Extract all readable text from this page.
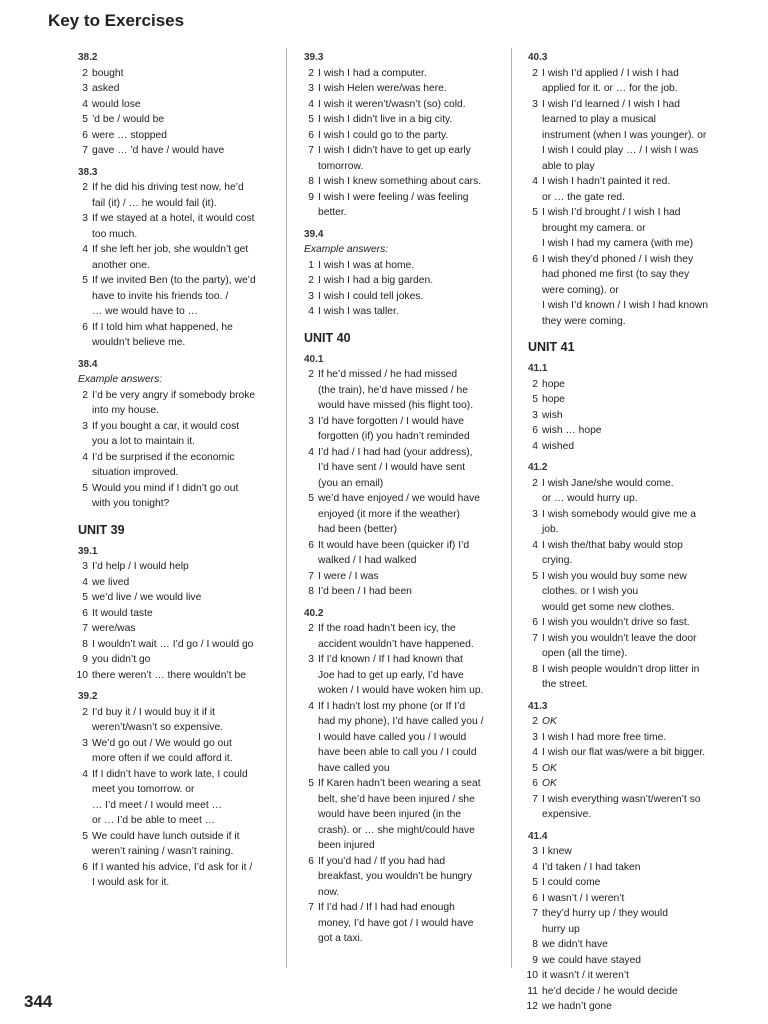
Key to Exercises
38.2
2 bought
3 asked
4 would lose
5 ’d be / would be
6 were … stopped
7 gave … ’d have / would have
38.3
2 If he did his driving test now, he’d
fail (it) / … he would fail (it).
3 If we stayed at a hotel, it would cost
too much.
4 If she left her job, she wouldn’t get
another one.
5 If we invited Ben (to the party), we’d
have to invite his friends too. /
… we would have to …
6 If I told him what happened, he
wouldn’t believe me.
38.4
Example answers:
2 I’d be very angry if somebody broke
into my house.
3 If you bought a car, it would cost
you a lot to maintain it.
4 I’d be surprised if the economic
situation improved.
5 Would you mind if I didn’t go out
with you tonight?
UNIT 39
39.1
3 I’d help / I would help
4 we lived
5 we’d live / we would live
6 It would taste
7 were/was
8 I wouldn’t wait … I’d go / I would go
9 you didn’t go
10 there weren’t … there wouldn’t be
39.2
2 I’d buy it / I would buy it if it
weren’t/wasn’t so expensive.
3 We’d go out / We would go out
more often if we could afford it.
4 If I didn’t have to work late, I could
meet you tomorrow. or
… I’d meet / I would meet …
or … I’d be able to meet …
5 We could have lunch outside if it
weren’t raining / wasn’t raining.
6 If I wanted his advice, I’d ask for it /
I would ask for it.
39.3
2 I wish I had a computer.
3 I wish Helen were/was here.
4 I wish it weren’t/wasn’t (so) cold.
5 I wish I didn’t live in a big city.
6 I wish I could go to the party.
7 I wish I didn’t have to get up early
tomorrow.
8 I wish I knew something about cars.
9 I wish I were feeling / was feeling
better.
39.4
Example answers:
1 I wish I was at home.
2 I wish I had a big garden.
3 I wish I could tell jokes.
4 I wish I was taller.
UNIT 40
40.1
2 If he’d missed / he had missed
(the train), he’d have missed / he
would have missed (his flight too).
3 I’d have forgotten / I would have
forgotten (if) you hadn’t reminded
4 I’d had / I had had (your address),
I’d have sent / I would have sent
(you an email)
5 we’d have enjoyed / we would have
enjoyed (it more if the weather)
had been (better)
6 It would have been (quicker if) I’d
walked / I had walked
7 I were / I was
8 I’d been / I had been
40.2
2 If the road hadn’t been icy, the
accident wouldn’t have happened.
3 If I’d known / If I had known that
Joe had to get up early, I’d have
woken / I would have woken him up.
4 If I hadn’t lost my phone (or If I’d
had my phone), I’d have called you /
I would have called you / I would
have been able to call you / I could
have called you
5 If Karen hadn’t been wearing a seat
belt, she’d have been injured / she
would have been injured (in the
crash). or … she might/could have
been injured
6 If you’d had / If you had had
breakfast, you wouldn’t be hungry
now.
7 If I’d had / If I had had enough
money, I’d have got / I would have
got a taxi.
40.3
2 I wish I’d applied / I wish I had
applied for it. or … for the job.
3 I wish I’d learned / I wish I had
learned to play a musical
instrument (when I was younger). or
I wish I could play … / I wish I was
able to play
4 I wish I hadn’t painted it red.
or … the gate red.
5 I wish I’d brought / I wish I had
brought my camera. or
I wish I had my camera (with me)
6 I wish they’d phoned / I wish they
had phoned me first (to say they
were coming). or
I wish I’d known / I wish I had known
they were coming.
UNIT 41
41.1
2 hope
5 hope
3 wish
6 wish … hope
4 wished
41.2
2 I wish Jane/she would come.
or … would hurry up.
3 I wish somebody would give me a
job.
4 I wish the/that baby would stop
crying.
5 I wish you would buy some new
clothes. or I wish you
would get some new clothes.
6 I wish you wouldn’t drive so fast.
7 I wish you wouldn’t leave the door
open (all the time).
8 I wish people wouldn’t drop litter in
the street.
41.3
2 OK
3 I wish I had more free time.
4 I wish our flat was/were a bit bigger.
5 OK
6 OK
7 I wish everything wasn’t/weren’t so
expensive.
41.4
3 I knew
4 I’d taken / I had taken
5 I could come
6 I wasn’t / I weren’t
7 they’d hurry up / they would
hurry up
8 we didn’t have
9 we could have stayed
10 it wasn’t / it weren’t
11 he’d decide / he would decide
12 we hadn’t gone
344
